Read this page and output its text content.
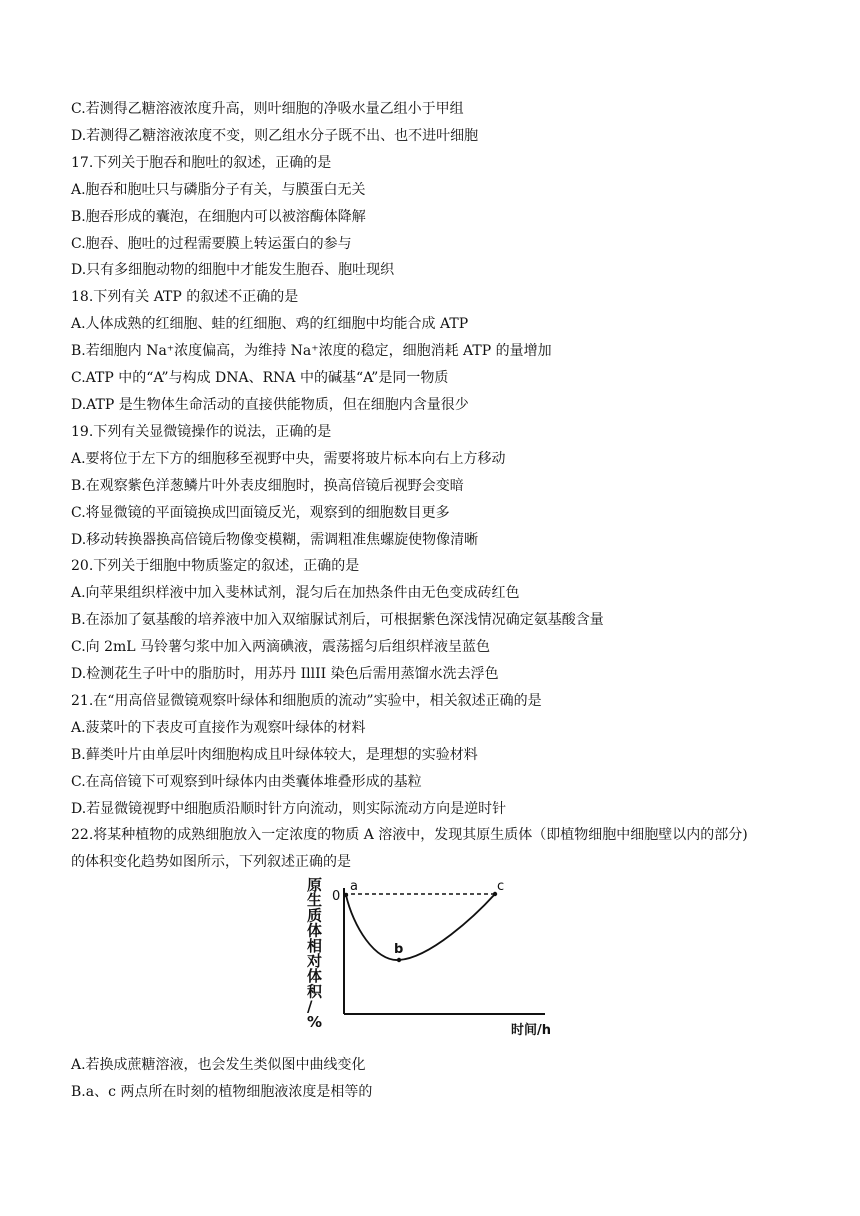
C.若测得乙糖溶液浓度升高，则叶细胞的净吸水量乙组小于甲组
D.若测得乙糖溶液浓度不变，则乙组水分子既不出、也不进叶细胞
17.下列关于胞吞和胞吐的叙述，正确的是
A.胞吞和胞吐只与磷脂分子有关，与膜蛋白无关
B.胞吞形成的囊泡，在细胞内可以被溶酶体降解
C.胞吞、胞吐的过程需要膜上转运蛋白的参与
D.只有多细胞动物的细胞中才能发生胞吞、胞吐现织
18.下列有关 ATP 的叙述不正确的是
A.人体成熟的红细胞、蛙的红细胞、鸡的红细胞中均能合成 ATP
B.若细胞内 Na⁺浓度偏高，为维持 Na⁺浓度的稳定，细胞消耗 ATP 的量增加
C.ATP 中的“A”与构成 DNA、RNA 中的碱基“A”是同一物质
D.ATP 是生物体生命活动的直接供能物质，但在细胞内含量很少
19.下列有关显微镜操作的说法，正确的是
A.要将位于左下方的细胞移至视野中央，需要将玻片标本向右上方移动
B.在观察紫色洋葱鳞片叶外表皮细胞时，换高倍镜后视野会变暗
C.将显微镜的平面镜换成凹面镜反光，观察到的细胞数目更多
D.移动转换器换高倍镜后物像变模糊，需调粗准焦螺旋使物像清晰
20.下列关于细胞中物质鉴定的叙述，正确的是
A.向苹果组织样液中加入斐林试剂，混匀后在加热条件由无色变成砖红色
B.在添加了氨基酸的培养液中加入双缩脲试剂后，可根据紫色深浅情况确定氨基酸含量
C.向 2mL 马铃薯匀浆中加入两滴碘液，震荡摇匀后组织样液呈蓝色
D.检测花生子叶中的脂肪时，用苏丹 IllII 染色后需用蒸馏水洗去浮色
21.在“用高倍显微镜观察叶绿体和细胞质的流动”实验中，相关叙述正确的是
A.菠菜叶的下表皮可直接作为观察叶绿体的材料
B.藓类叶片由单层叶肉细胞构成且叶绿体较大，是理想的实验材料
C.在高倍镜下可观察到叶绿体内由类囊体堆叠形成的基粒
D.若显微镜视野中细胞质沿顺时针方向流动，则实际流动方向是逆时针
22.将某种植物的成熟细胞放入一定浓度的物质 A 溶液中，发现其原生质体（即植物细胞中细胞壁以内的部分)
的体积变化趋势如图所示，下列叙述正确的是
原生质体相对体积/ %
0
a
b
c
时间/h
A.若换成蔗糖溶液，也会发生类似图中曲线变化
B.a、c 两点所在时刻的植物细胞液浓度是相等的
